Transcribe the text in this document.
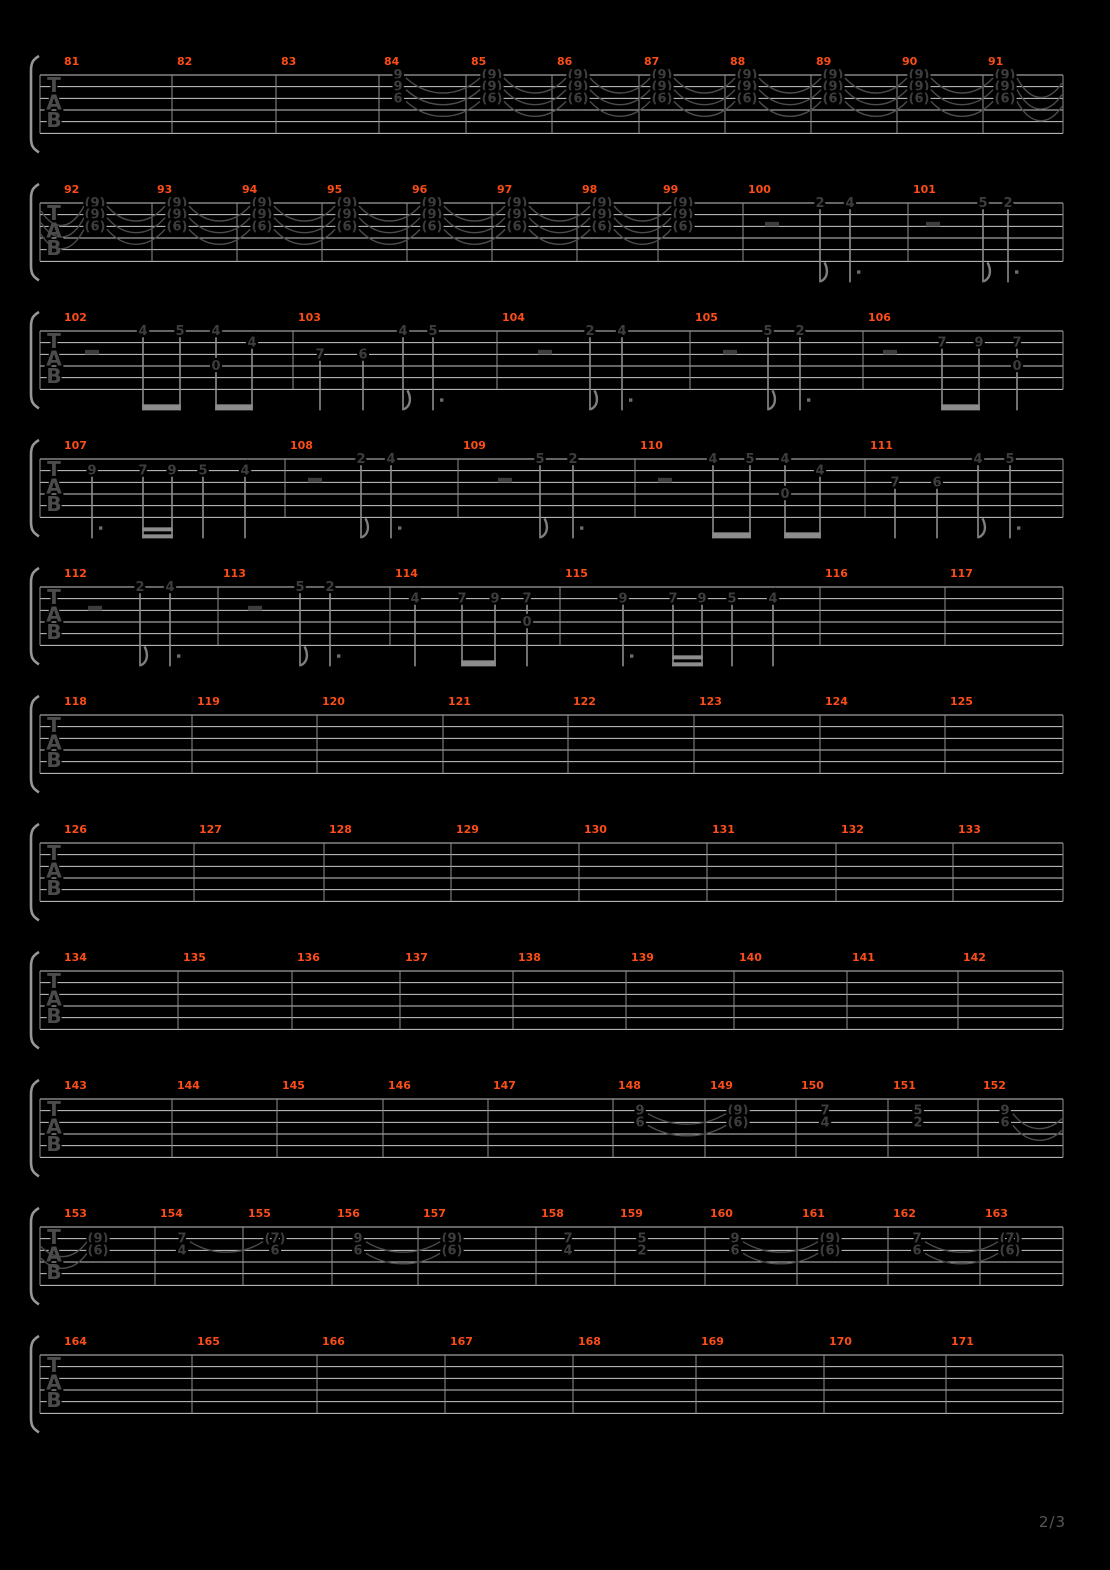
T
A
B
81	82	83	84	85	86	87	88	89	90	91
9
9
6
(9)
(9)
(6)
(9)
(9)
(6)
(9)
(9)
(6)
(9)
(9)
(6)
(9)
(9)
(6)
(9)
(9)
(6)
(9)
(9)
(6)
T
A
B
92	93	94	95	96	97	98	99	100	101
(9)
(9)
(6)
(9)
(9)
(6)
(9)
(9)
(6)
(9)
(9)
(6)
(9)
(9)
(6)
(9)
(9)
(6)
(9)
(9)
(6)
(9)
(9)
(6)
2 4	5 2
T
A
B
102	103	104	105	106
4 5 4
0
4
7	6
4 5	2 4	5 2
7 9 7
0
T
A
B
107	108	109	110	111
9	7 9 5	4
2 4	5 2	4 5 4
0
4
7	6
4 5
T
A
B
112	113	114	115	116	117
2 4	5 2
4	7 9 7
0
9	7 9 5 4
T
A
B
118	119	120	121	122	123	124	125
T
A
B
126	127	128	129	130	131	132	133
T
A
B
134	135	136	137	138	139	140	141	142
T
A
B
143	144	145	146	147	148	149	150	151	152
9
6
(9)
(6)
7
4
5
2
9
6
T
A
B
153	154	155	156	157	158	159	160	161	162	163
(9)
(6)
7
4
(7)
6
9
6
(9)
(6)
7
4
5
2
9
6
(9)
(6)
7
6
(7)
(6)
T
A
B
164	165	166	167	168	169	170	171
2/3
